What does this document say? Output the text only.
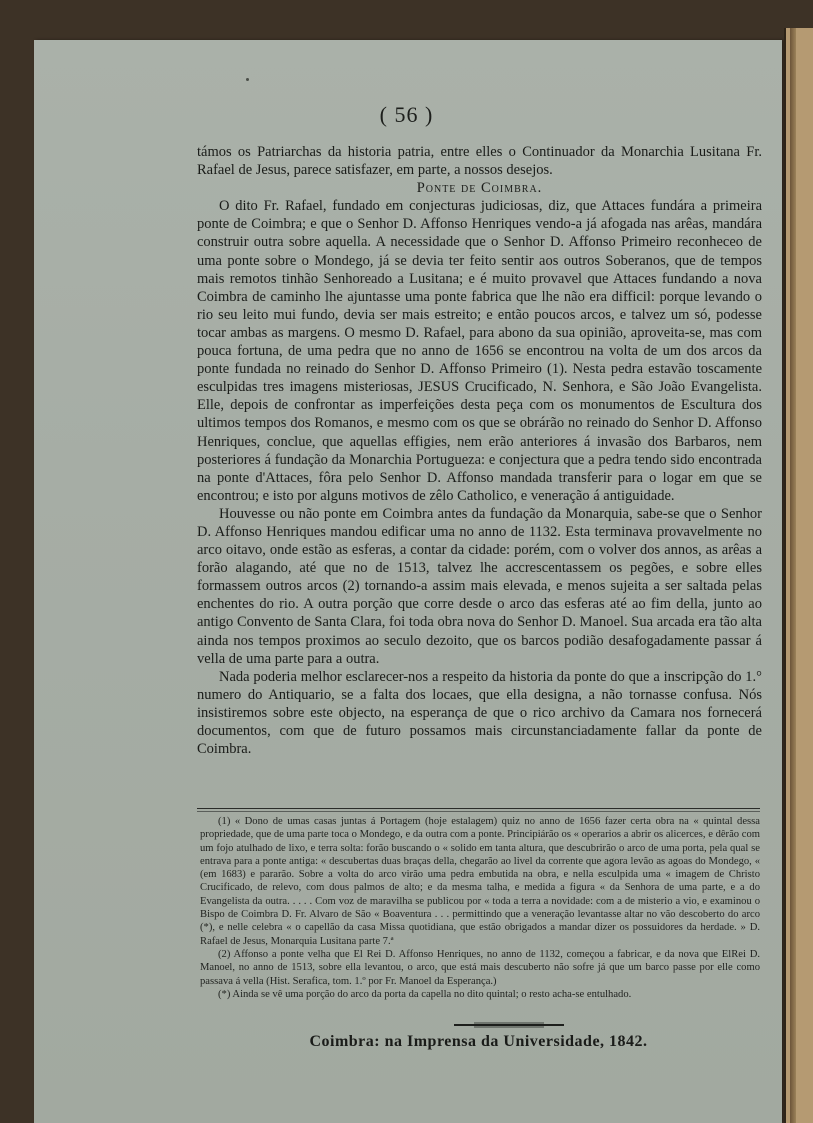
( 56 )

támos os Patriarchas da historia patria, entre elles o Continuador da Monarchia Lusitana Fr. Rafael de Jesus, parece satisfazer, em parte, a nossos desejos.

Ponte de Coimbra.

O dito Fr. Rafael, fundado em conjecturas judiciosas, diz, que Attaces fundára a primeira ponte de Coimbra; e que o Senhor D. Affonso Henriques vendo-a já afogada nas arêas, mandára construir outra sobre aquella. A necessidade que o Senhor D. Affonso Primeiro reconheceo de uma ponte sobre o Mondego, já se devia ter feito sentir aos outros Soberanos, que de tempos mais remotos tinhão Senhoreado a Lusitana; e é muito provavel que Attaces fundando a nova Coimbra de caminho lhe ajuntasse uma ponte fabrica que lhe não era difficil: porque levando o rio seu leito mui fundo, devia ser mais estreito; e então poucos arcos, e talvez um só, podesse tocar ambas as margens. O mesmo D. Rafael, para abono da sua opinião, aproveita-se, mas com pouca fortuna, de uma pedra que no anno de 1656 se encontrou na volta de um dos arcos da ponte fundada no reinado do Senhor D. Affonso Primeiro (1). Nesta pedra estavão toscamente esculpidas tres imagens misteriosas, JESUS Crucificado, N. Senhora, e São João Evangelista. Elle, depois de confrontar as imperfeições desta peça com os monumentos de Escultura dos ultimos tempos dos Romanos, e mesmo com os que se obrárão no reinado do Senhor D. Affonso Henriques, conclue, que aquellas effigies, nem erão anteriores á invasão dos Barbaros, nem posteriores á fundação da Monarchia Portugueza: e conjectura que a pedra tendo sido encontrada na ponte d'Attaces, fôra pelo Senhor D. Affonso mandada transferir para o logar em que se encontrou; e isto por alguns motivos de zêlo Catholico, e veneração á antiguidade.

Houvesse ou não ponte em Coimbra antes da fundação da Monarquia, sabe-se que o Senhor D. Affonso Henriques mandou edificar uma no anno de 1132. Esta terminava provavelmente no arco oitavo, onde estão as esferas, a contar da cidade: porém, com o volver dos annos, as arêas a forão alagando, até que no de 1513, talvez lhe accrescentassem os pegões, e sobre elles formassem outros arcos (2) tornando-a assim mais elevada, e menos sujeita a ser saltada pelas enchentes do rio. A outra porção que corre desde o arco das esferas até ao fim della, junto ao antigo Convento de Santa Clara, foi toda obra nova do Senhor D. Manoel. Sua arcada era tão alta ainda nos tempos proximos ao seculo dezoito, que os barcos podião desafogadamente passar á vella de uma parte para a outra.

Nada poderia melhor esclarecer-nos a respeito da historia da ponte do que a inscripção do 1.° numero do Antiquario, se a falta dos locaes, que ella designa, a não tornasse confusa. Nós insistiremos sobre este objecto, na esperança de que o rico archivo da Camara nos fornecerá documentos, com que de futuro possamos mais circunstanciadamente fallar da ponte de Coimbra.

(1) « Dono de umas casas juntas á Portagem (hoje estalagem) quiz no anno de 1656 fazer certa obra na « quintal dessa propriedade, que de uma parte toca o Mondego, e da outra com a ponte. Principiárão os « operarios a abrir os alicerces, e dêrão com um fojo atulhado de lixo, e terra solta: forão buscando o « solido em tanta altura, que descubrirão o arco de uma porta, pela qual se entrava para a ponte antiga: « descubertas duas braças della, chegarão ao livel da corrente que agora levão as agoas do Mondego, « (em 1683) e pararão. Sobre a volta do arco virão uma pedra embutida na obra, e nella esculpida uma « imagem de Christo Crucificado, de relevo, com dous palmos de alto; e da mesma talha, e medida a figura « da Senhora de uma parte, e a do Evangelista da outra. . . . . Com voz de maravilha se publicou por « toda a terra a novidade: com a de misterio a vio, e examinou o Bispo de Coimbra D. Fr. Alvaro de São « Boaventura . . . permittindo que a veneração levantasse altar no vão descoberto do arco (*), e nelle celebra « o capellão da casa Missa quotidiana, que estão obrigados a mandar dizer os possuidores da herdade. » D. Rafael de Jesus, Monarquia Lusitana parte 7.ª

(2) Affonso a ponte velha que El Rei D. Affonso Henriques, no anno de 1132, começou a fabricar, e da nova que ElRei D. Manoel, no anno de 1513, sobre ella levantou, o arco, que está mais descuberto não sofre já que um barco passe por elle como passava á vella (Hist. Serafica, tom. 1.º por Fr. Manoel da Esperança.)

(*) Ainda se vê uma porção do arco da porta da capella no dito quintal; o resto acha-se entulhado.

Coimbra: na Imprensa da Universidade, 1842.
